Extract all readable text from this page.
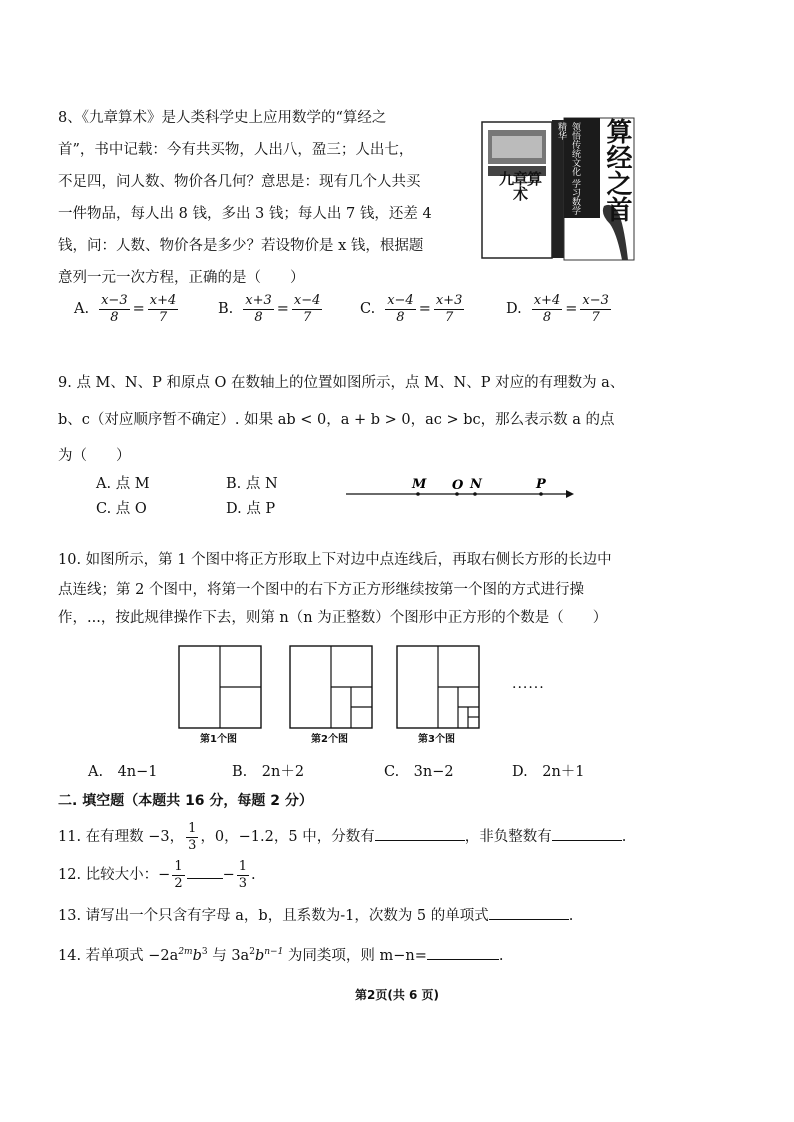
8、《九章算术》是人类科学史上应用数学的“算经之
首”，书中记载：今有共买物，人出八，盈三；人出七，
不足四，问人数、物价各几何？意思是：现有几个人共买
一件物品，每人出 8 钱，多出 3 钱；每人出 7 钱，还差 4
钱，问：人数、物价各是多少？若设物价是 x 钱，根据题
意列一元一次方程，正确的是（　　）
九章算术	领悟传统文化 学习数学精华	算经之首
A. $\frac{x-3}{8} = \frac{x+4}{7}$	B. $\frac{x+3}{8} = \frac{x-4}{7}$	C. $\frac{x-4}{8} = \frac{x+3}{7}$	D. $\frac{x+4}{8} = \frac{x-3}{7}$
9. 点 M、N、P 和原点 O 在数轴上的位置如图所示，点 M、N、P 对应的有理数为 a、
b、c（对应顺序暂不确定）. 如果 ab < 0，a + b > 0，ac > bc，那么表示数 a 的点
为（　　）
A. 点 M	B. 点 N
C. 点 O	D. 点 P
M O N	P
10. 如图所示，第 1 个图中将正方形取上下对边中点连线后，再取右侧长方形的长边中
点连线；第 2 个图中，将第一个图中的右下方正方形继续按第一个图的方式进行操
作，...，按此规律操作下去，则第 n（n 为正整数）个图形中正方形的个数是（　　）
......
第1个图	第2个图	第3个图
A.　4n−1	B.　2n＋2	C.　3n−2	D.　2n＋1
二. 填空题（本题共 16 分，每题 2 分）
11. 在有理数 −3， $\frac{1}{3}$ ，0，−1.2，5 中，分数有	，非负整数有	.
12. 比较大小：− $\frac{1}{2}$	− $\frac{1}{3}$ .
13. 请写出一个只含有字母 a，b，且系数为-1，次数为 5 的单项式	.
14. 若单项式 $-2a^{2m}b^3$ 与 $3a^2b^{n-1}$ 为同类项，则 m−n=	.
第2页(共 6 页)
